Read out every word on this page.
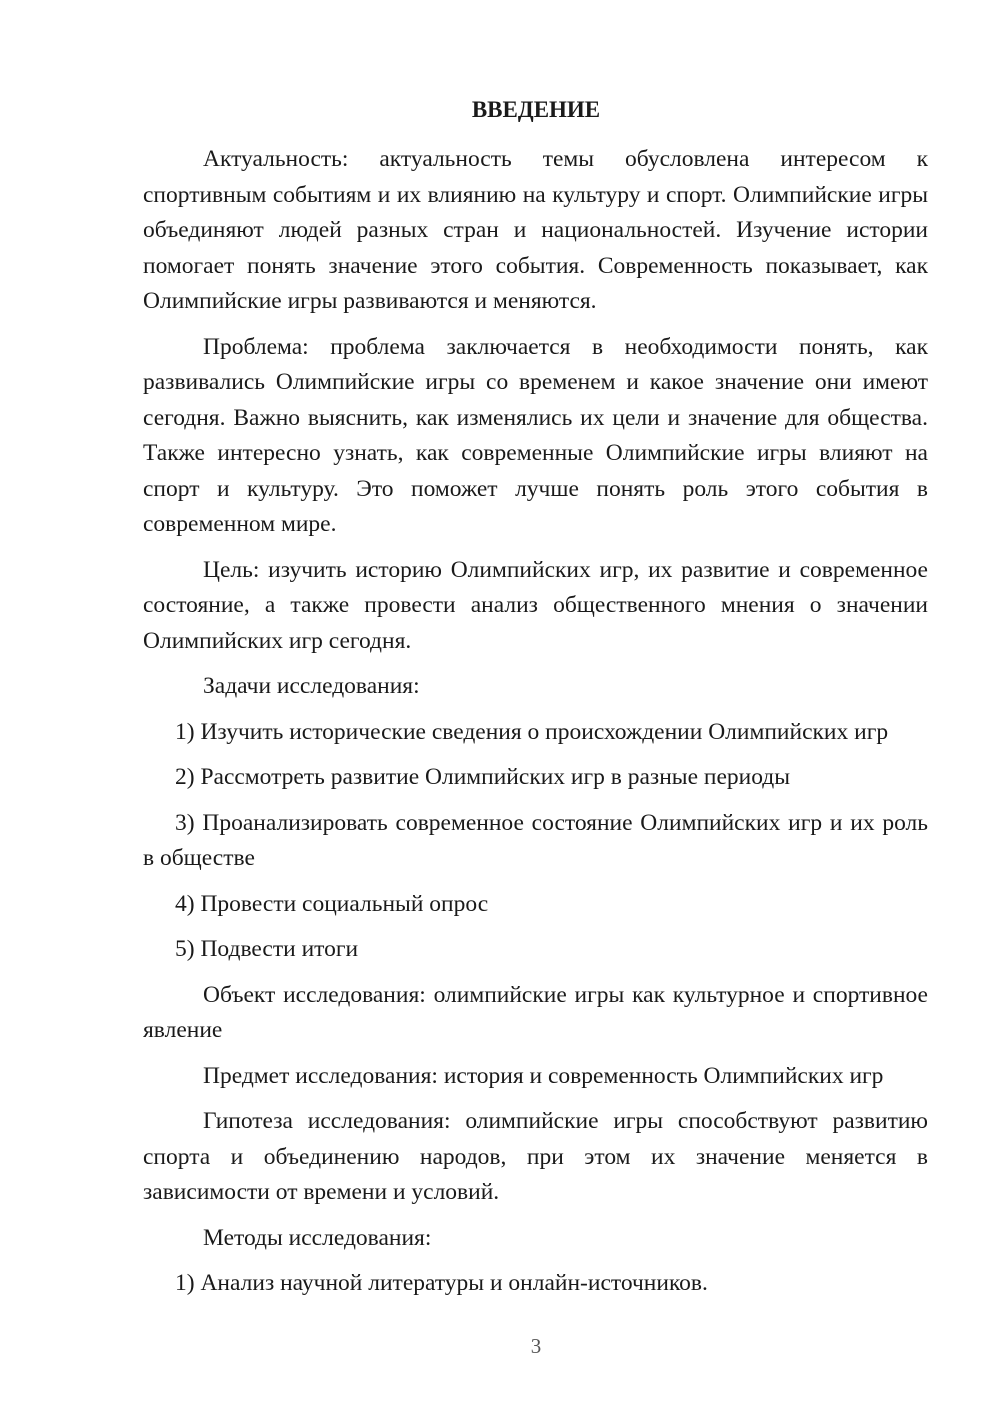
ВВЕДЕНИЕ

Актуальность: актуальность темы обусловлена интересом к спортивным событиям и их влиянию на культуру и спорт. Олимпийские игры объединяют людей разных стран и национальностей. Изучение истории помогает понять значение этого события. Современность показывает, как Олимпийские игры развиваются и меняются.

Проблема: проблема заключается в необходимости понять, как развивались Олимпийские игры со временем и какое значение они имеют сегодня. Важно выяснить, как изменялись их цели и значение для общества. Также интересно узнать, как современные Олимпийские игры влияют на спорт и культуру. Это поможет лучше понять роль этого события в современном мире.

Цель: изучить историю Олимпийских игр, их развитие и современное состояние, а также провести анализ общественного мнения о значении Олимпийских игр сегодня.

Задачи исследования:

1) Изучить исторические сведения о происхождении Олимпийских игр

2) Рассмотреть развитие Олимпийских игр в разные периоды

3) Проанализировать современное состояние Олимпийских игр и их роль в обществе

4) Провести социальный опрос

5) Подвести итоги

Объект исследования: олимпийские игры как культурное и спортивное явление

Предмет исследования: история и современность Олимпийских игр

Гипотеза исследования: олимпийские игры способствуют развитию спорта и объединению народов, при этом их значение меняется в зависимости от времени и условий.

Методы исследования:

1) Анализ научной литературы и онлайн-источников.

3
